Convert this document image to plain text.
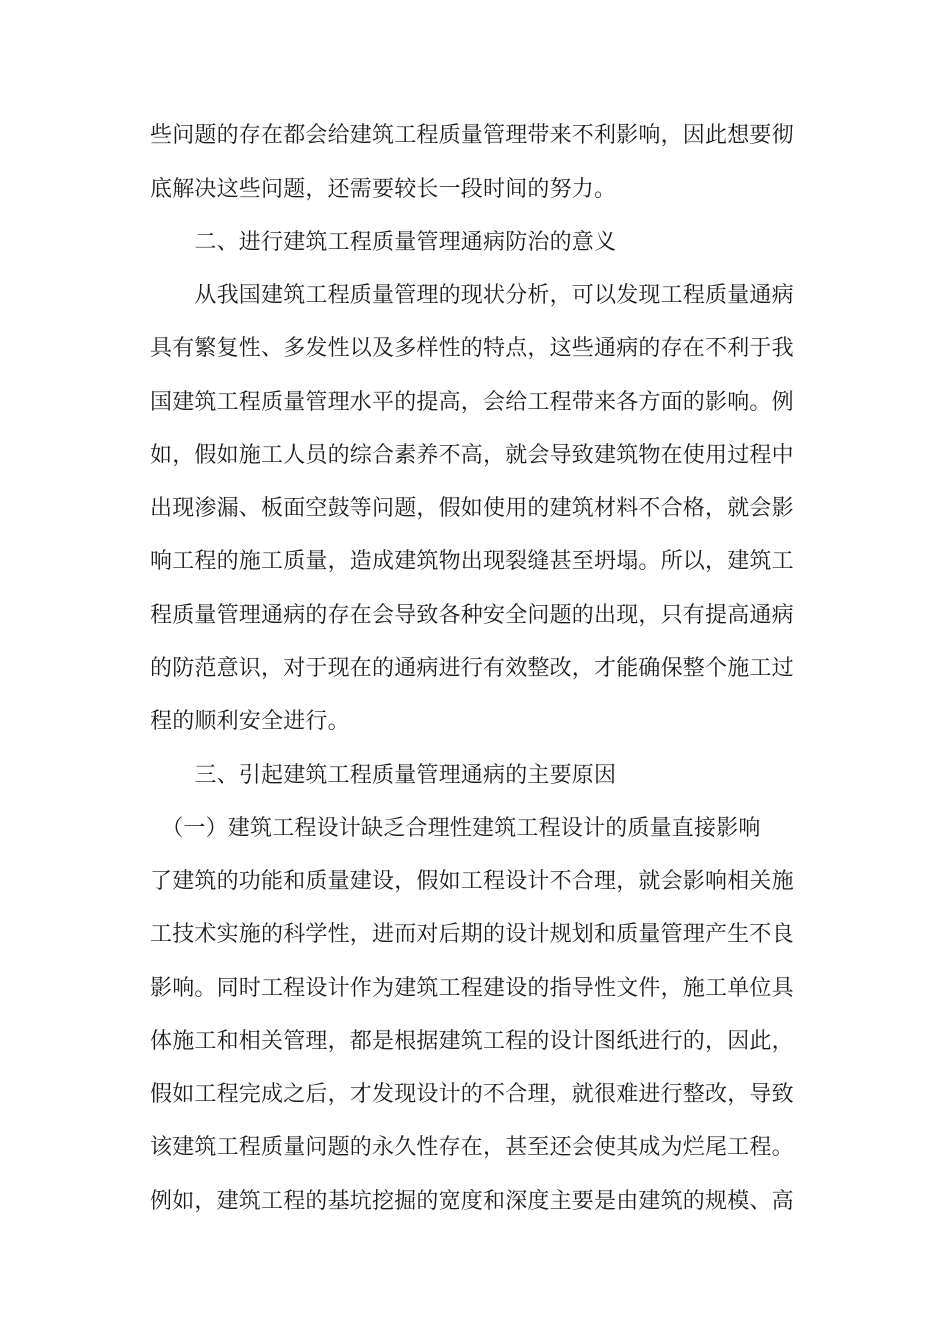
些问题的存在都会给建筑工程质量管理带来不利影响，因此想要彻
底解决这些问题，还需要较长一段时间的努力。
　　二、进行建筑工程质量管理通病防治的意义
　　从我国建筑工程质量管理的现状分析，可以发现工程质量通病
具有繁复性、多发性以及多样性的特点，这些通病的存在不利于我
国建筑工程质量管理水平的提高，会给工程带来各方面的影响。例
如，假如施工人员的综合素养不高，就会导致建筑物在使用过程中
出现渗漏、板面空鼓等问题，假如使用的建筑材料不合格，就会影
响工程的施工质量，造成建筑物出现裂缝甚至坍塌。所以，建筑工
程质量管理通病的存在会导致各种安全问题的出现，只有提高通病
的防范意识，对于现在的通病进行有效整改，才能确保整个施工过
程的顺利安全进行。
　　三、引起建筑工程质量管理通病的主要原因
　（一）建筑工程设计缺乏合理性建筑工程设计的质量直接影响
了建筑的功能和质量建设，假如工程设计不合理，就会影响相关施
工技术实施的科学性，进而对后期的设计规划和质量管理产生不良
影响。同时工程设计作为建筑工程建设的指导性文件，施工单位具
体施工和相关管理，都是根据建筑工程的设计图纸进行的，因此，
假如工程完成之后，才发现设计的不合理，就很难进行整改，导致
该建筑工程质量问题的永久性存在，甚至还会使其成为烂尾工程。
例如，建筑工程的基坑挖掘的宽度和深度主要是由建筑的规模、高
